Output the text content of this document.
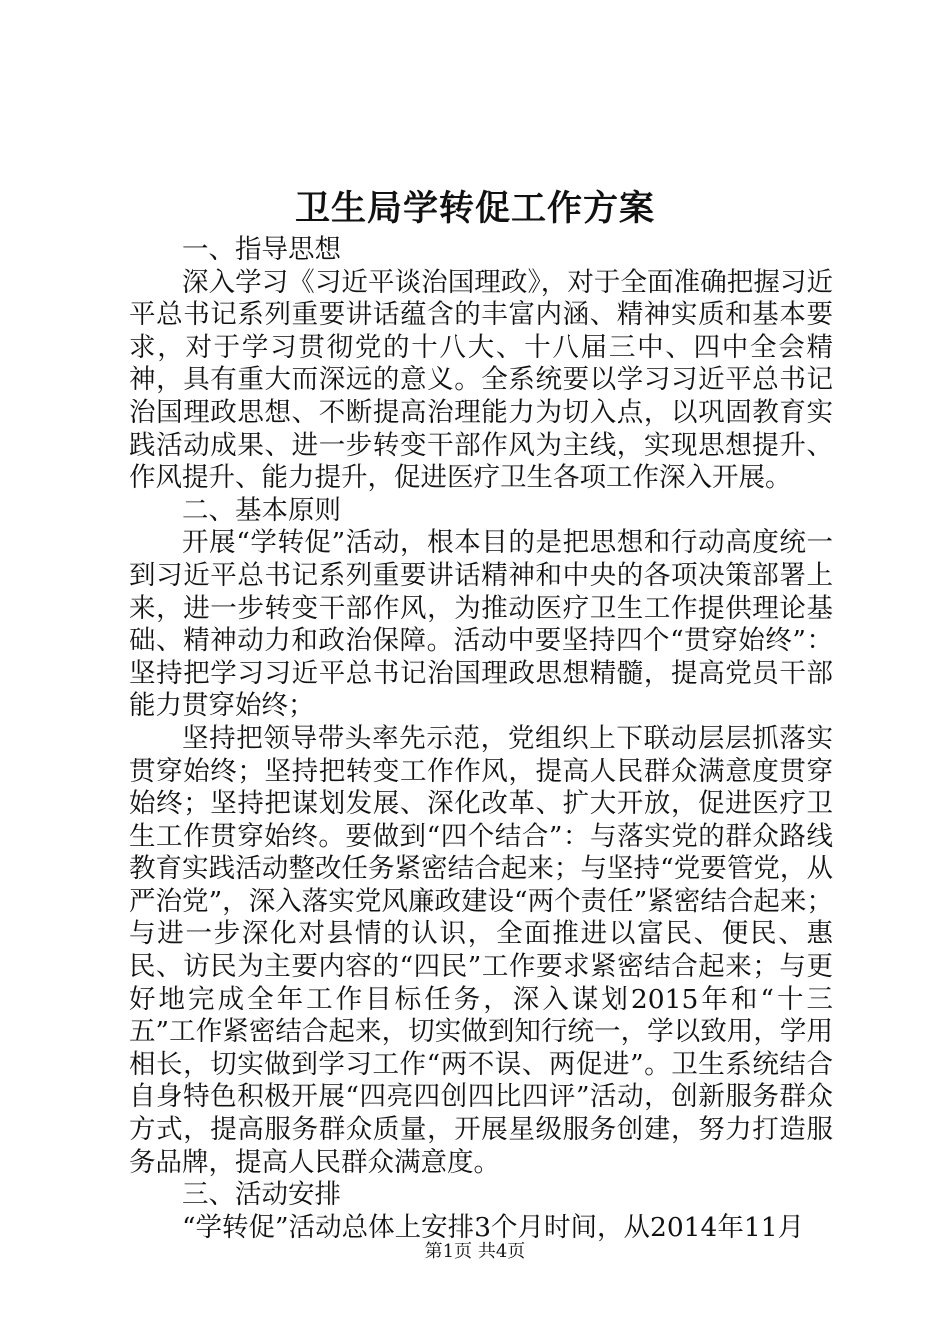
卫生局学转促工作方案
一、指导思想

深入学习《习近平谈治国理政》，对于全面准确把握习近平总书记系列重要讲话蕴含的丰富内涵、精神实质和基本要求，对于学习贯彻党的十八大、十八届三中、四中全会精神，具有重大而深远的意义。全系统要以学习习近平总书记治国理政思想、不断提高治理能力为切入点，以巩固教育实践活动成果、进一步转变干部作风为主线，实现思想提升、作风提升、能力提升，促进医疗卫生各项工作深入开展。

二、基本原则

开展“学转促”活动，根本目的是把思想和行动高度统一到习近平总书记系列重要讲话精神和中央的各项决策部署上来，进一步转变干部作风，为推动医疗卫生工作提供理论基础、精神动力和政治保障。活动中要坚持四个“贯穿始终”：坚持把学习习近平总书记治国理政思想精髓，提高党员干部能力贯穿始终；

坚持把领导带头率先示范，党组织上下联动层层抓落实贯穿始终；坚持把转变工作作风，提高人民群众满意度贯穿始终；坚持把谋划发展、深化改革、扩大开放，促进医疗卫生工作贯穿始终。要做到“四个结合”：与落实党的群众路线教育实践活动整改任务紧密结合起来；与坚持“党要管党，从严治党”，深入落实党风廉政建设“两个责任”紧密结合起来；与进一步深化对县情的认识，全面推进以富民、便民、惠民、访民为主要内容的“四民”工作要求紧密结合起来；与更好地完成全年工作目标任务，深入谋划2015年和“十三五”工作紧密结合起来，切实做到知行统一，学以致用，学用相长，切实做到学习工作“两不误、两促进”。卫生系统结合自身特色积极开展“四亮四创四比四评”活动，创新服务群众方式，提高服务群众质量，开展星级服务创建，努力打造服务品牌，提高人民群众满意度。

三、活动安排

“学转促”活动总体上安排3个月时间，从2014年11月

第1页 共4页
